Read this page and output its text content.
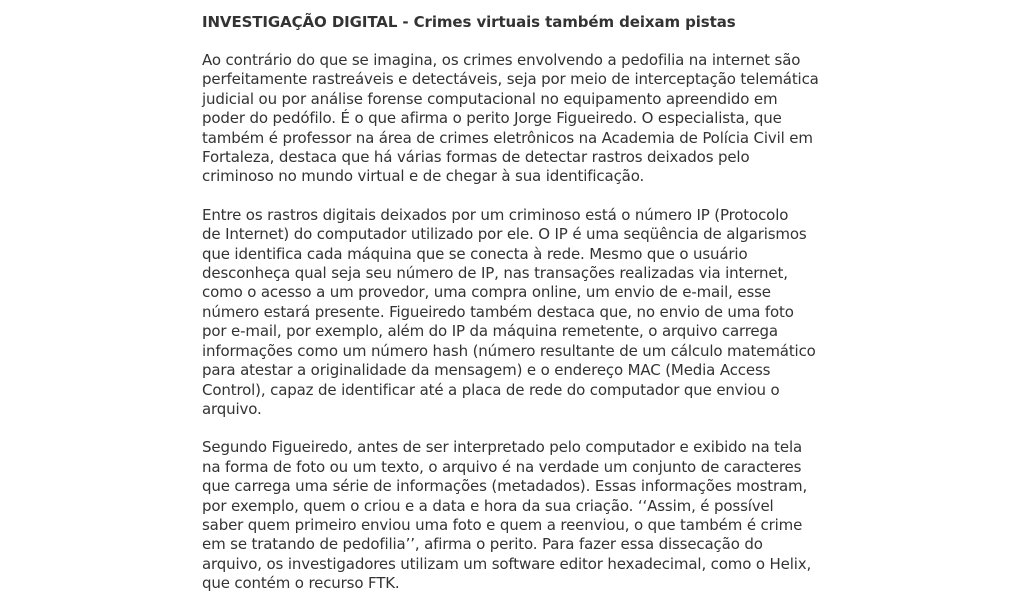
INVESTIGAÇÃO DIGITAL - Crimes virtuais também deixam pistas
Ao contrário do que se imagina, os crimes envolvendo a pedofilia na internet são
perfeitamente rastreáveis e detectáveis, seja por meio de interceptação telemática
judicial ou por análise forense computacional no equipamento apreendido em
poder do pedófilo. É o que afirma o perito Jorge Figueiredo. O especialista, que
também é professor na área de crimes eletrônicos na Academia de Polícia Civil em
Fortaleza, destaca que há várias formas de detectar rastros deixados pelo
criminoso no mundo virtual e de chegar à sua identificação.
Entre os rastros digitais deixados por um criminoso está o número IP (Protocolo
de Internet) do computador utilizado por ele. O IP é uma seqüência de algarismos
que identifica cada máquina que se conecta à rede. Mesmo que o usuário
desconheça qual seja seu número de IP, nas transações realizadas via internet,
como o acesso a um provedor, uma compra online, um envio de e-mail, esse
número estará presente. Figueiredo também destaca que, no envio de uma foto
por e-mail, por exemplo, além do IP da máquina remetente, o arquivo carrega
informações como um número hash (número resultante de um cálculo matemático
para atestar a originalidade da mensagem) e o endereço MAC (Media Access
Control), capaz de identificar até a placa de rede do computador que enviou o
arquivo.
Segundo Figueiredo, antes de ser interpretado pelo computador e exibido na tela
na forma de foto ou um texto, o arquivo é na verdade um conjunto de caracteres
que carrega uma série de informações (metadados). Essas informações mostram,
por exemplo, quem o criou e a data e hora da sua criação. ‘‘Assim, é possível
saber quem primeiro enviou uma foto e quem a reenviou, o que também é crime
em se tratando de pedofilia’’, afirma o perito. Para fazer essa dissecação do
arquivo, os investigadores utilizam um software editor hexadecimal, como o Helix,
que contém o recurso FTK.
